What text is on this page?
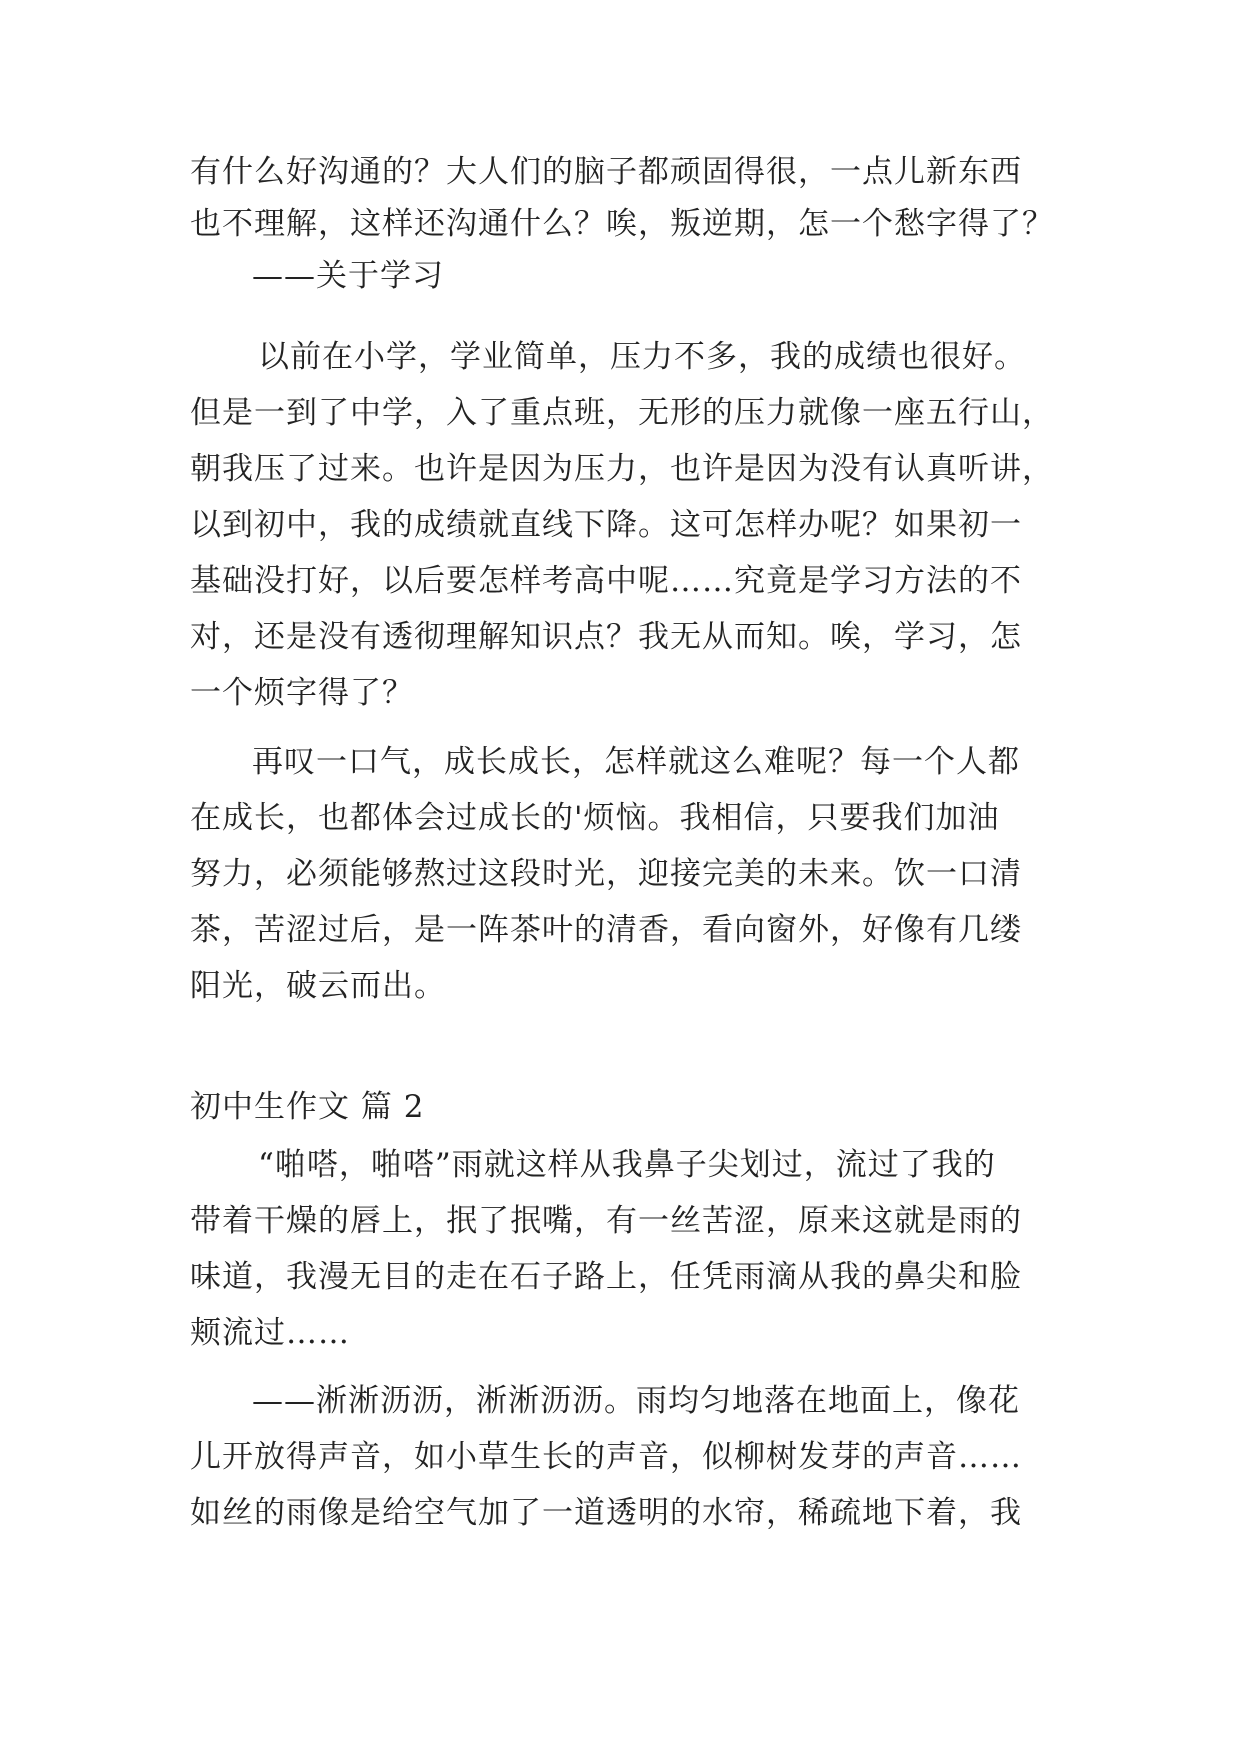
有什么好沟通的？大人们的脑子都顽固得很，一点儿新东西
也不理解，这样还沟通什么？唉，叛逆期，怎一个愁字得了？
——关于学习
以前在小学，学业简单，压力不多，我的成绩也很好。
但是一到了中学，入了重点班，无形的压力就像一座五行山，
朝我压了过来。也许是因为压力，也许是因为没有认真听讲，
以到初中，我的成绩就直线下降。这可怎样办呢？如果初一
基础没打好，以后要怎样考高中呢……究竟是学习方法的不
对，还是没有透彻理解知识点？我无从而知。唉，学习，怎
一个烦字得了？
再叹一口气，成长成长，怎样就这么难呢？每一个人都
在成长，也都体会过成长的'烦恼。我相信，只要我们加油
努力，必须能够熬过这段时光，迎接完美的未来。饮一口清
茶，苦涩过后，是一阵茶叶的清香，看向窗外，好像有几缕
阳光，破云而出。
初中生作文 篇 2
“啪嗒，啪嗒”雨就这样从我鼻子尖划过，流过了我的
带着干燥的唇上，抿了抿嘴，有一丝苦涩，原来这就是雨的
味道，我漫无目的走在石子路上，任凭雨滴从我的鼻尖和脸
颊流过……
——淅淅沥沥，淅淅沥沥。雨均匀地落在地面上，像花
儿开放得声音，如小草生长的声音，似柳树发芽的声音……
如丝的雨像是给空气加了一道透明的水帘，稀疏地下着，我
